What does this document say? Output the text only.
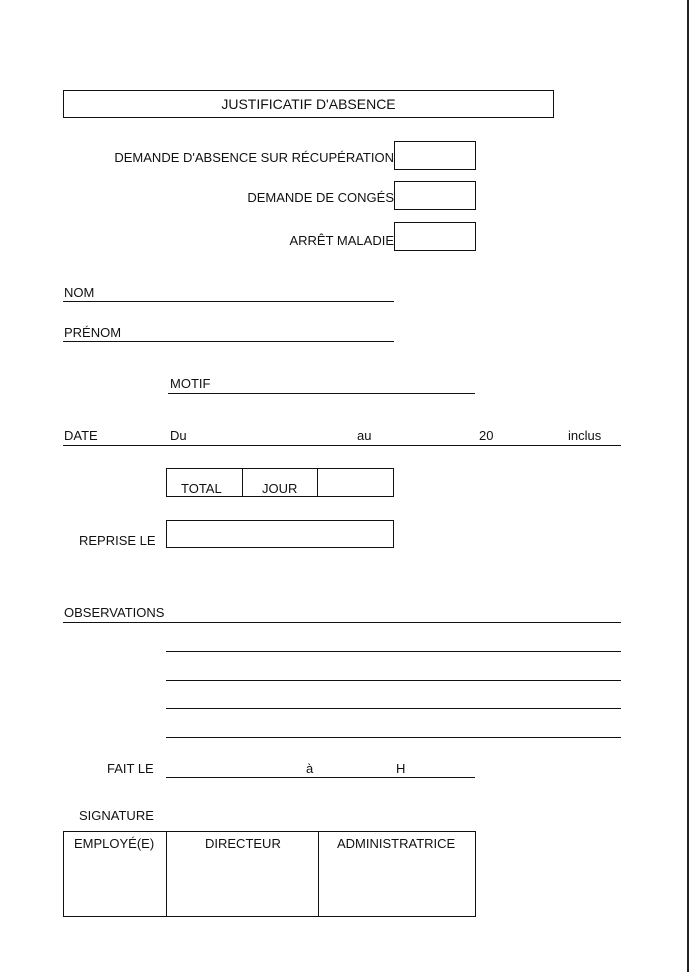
JUSTIFICATIF D'ABSENCE
DEMANDE D'ABSENCE SUR RÉCUPÉRATION
DEMANDE DE CONGÉS
ARRÊT MALADIE
NOM
PRÉNOM
MOTIF
DATE	Du	au	20	inclus
TOTAL	JOUR
REPRISE LE
OBSERVATIONS
FAIT LE	à	H
SIGNATURE
EMPLOYÉ(E)	DIRECTEUR	ADMINISTRATRICE
